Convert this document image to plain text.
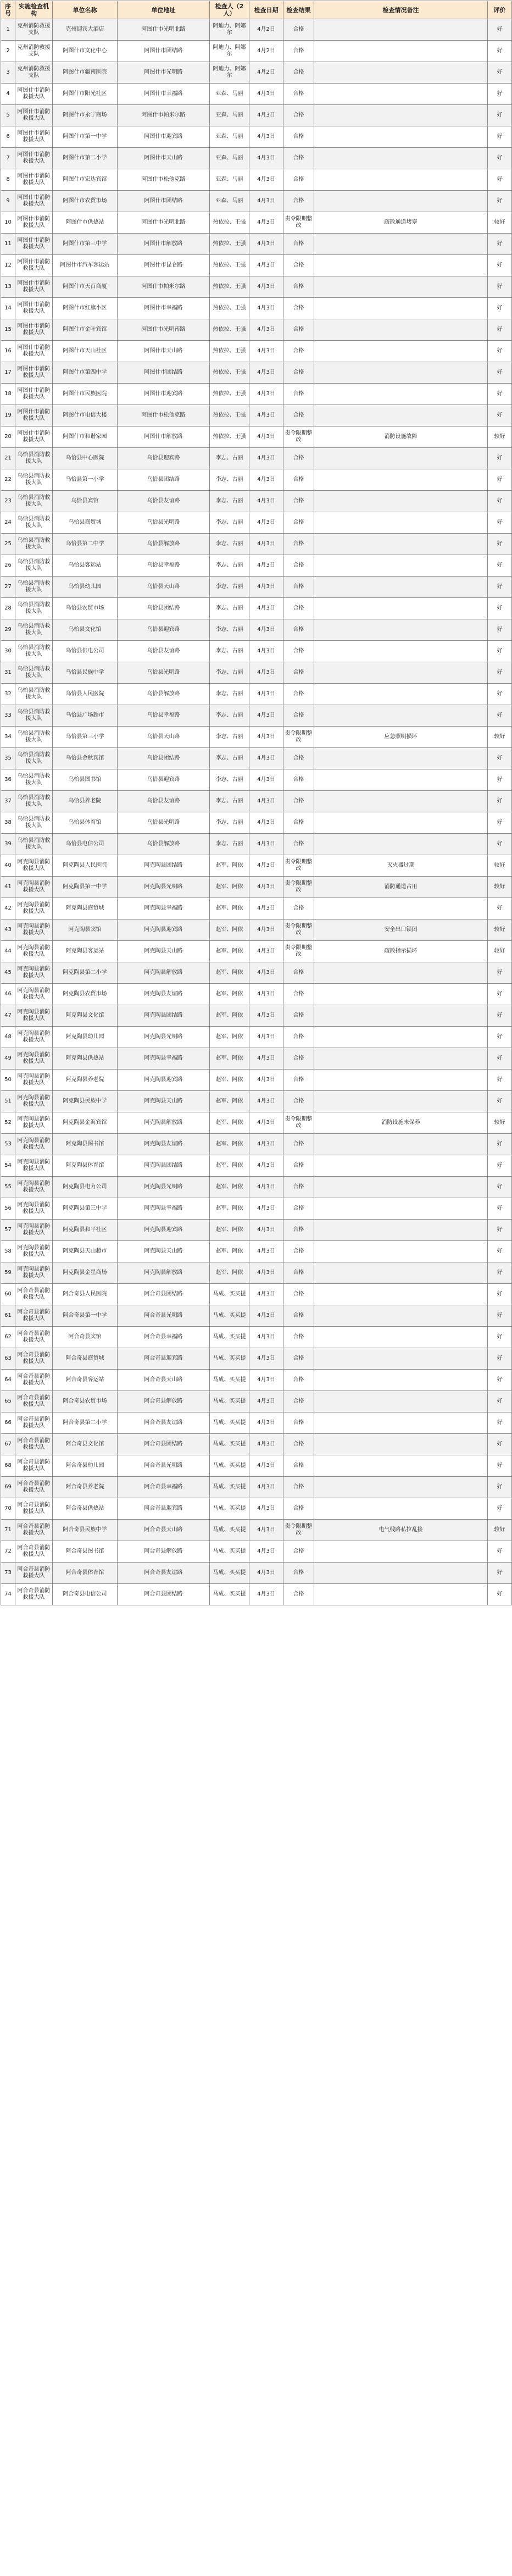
序号	实施检查机构	单位名称	单位地址	检查人（2人）	检查日期	检查结果	检查情况备注	评价
1	克州消防救援支队	克州迎宾大酒店	阿图什市光明北路	阿迪力、阿娜尔	4月2日	合格		好
2	克州消防救援支队	阿图什市文化中心	阿图什市团结路	阿迪力、阿娜尔	4月2日	合格		好
3	克州消防救援支队	阿图什市疆南医院	阿图什市光明路	阿迪力、阿娜尔	4月2日	合格		好
4	阿图什市消防救援大队	阿图什市阳光社区	阿图什市幸福路	亚森、马丽	4月3日	合格		好
5	阿图什市消防救援大队	阿图什市永宁商场	阿图什市帕米尔路	亚森、马丽	4月3日	合格		好
6	阿图什市消防救援大队	阿图什市第一中学	阿图什市迎宾路	亚森、马丽	4月3日	合格		好
7	阿图什市消防救援大队	阿图什市第二小学	阿图什市天山路	亚森、马丽	4月3日	合格		好
8	阿图什市消防救援大队	阿图什市宏达宾馆	阿图什市松他克路	亚森、马丽	4月3日	合格		好
9	阿图什市消防救援大队	阿图什市农贸市场	阿图什市团结路	亚森、马丽	4月3日	合格		好
10	阿图什市消防救援大队	阿图什市供热站	阿图什市光明北路	热依拉、王强	4月3日	责令限期整改	疏散通道堵塞	较好
11	阿图什市消防救援大队	阿图什市第三中学	阿图什市解放路	热依拉、王强	4月3日	合格		好
12	阿图什市消防救援大队	阿图什市汽车客运站	阿图什市昆仑路	热依拉、王强	4月3日	合格		好
13	阿图什市消防救援大队	阿图什市天百商厦	阿图什市帕米尔路	热依拉、王强	4月3日	合格		好
14	阿图什市消防救援大队	阿图什市红旗小区	阿图什市幸福路	热依拉、王强	4月3日	合格		好
15	阿图什市消防救援大队	阿图什市金叶宾馆	阿图什市光明南路	热依拉、王强	4月3日	合格		好
16	阿图什市消防救援大队	阿图什市天山社区	阿图什市天山路	热依拉、王强	4月3日	合格		好
17	阿图什市消防救援大队	阿图什市第四中学	阿图什市团结路	热依拉、王强	4月3日	合格		好
18	阿图什市消防救援大队	阿图什市民族医院	阿图什市迎宾路	热依拉、王强	4月3日	合格		好
19	阿图什市消防救援大队	阿图什市电信大楼	阿图什市松他克路	热依拉、王强	4月3日	合格		好
20	阿图什市消防救援大队	阿图什市和谐家园	阿图什市解放路	热依拉、王强	4月3日	责令限期整改	消防设施故障	较好
21	乌恰县消防救援大队	乌恰县中心医院	乌恰县迎宾路	李志、古丽	4月3日	合格		好
22	乌恰县消防救援大队	乌恰县第一小学	乌恰县团结路	李志、古丽	4月3日	合格		好
23	乌恰县消防救援大队	乌恰县宾馆	乌恰县友谊路	李志、古丽	4月3日	合格		好
24	乌恰县消防救援大队	乌恰县商贸城	乌恰县光明路	李志、古丽	4月3日	合格		好
25	乌恰县消防救援大队	乌恰县第二中学	乌恰县解放路	李志、古丽	4月3日	合格		好
26	乌恰县消防救援大队	乌恰县客运站	乌恰县幸福路	李志、古丽	4月3日	合格		好
27	乌恰县消防救援大队	乌恰县幼儿园	乌恰县天山路	李志、古丽	4月3日	合格		好
28	乌恰县消防救援大队	乌恰县农贸市场	乌恰县团结路	李志、古丽	4月3日	合格		好
29	乌恰县消防救援大队	乌恰县文化馆	乌恰县迎宾路	李志、古丽	4月3日	合格		好
30	乌恰县消防救援大队	乌恰县供电公司	乌恰县友谊路	李志、古丽	4月3日	合格		好
31	乌恰县消防救援大队	乌恰县民族中学	乌恰县光明路	李志、古丽	4月3日	合格		好
32	乌恰县消防救援大队	乌恰县人民医院	乌恰县解放路	李志、古丽	4月3日	合格		好
33	乌恰县消防救援大队	乌恰县广场超市	乌恰县幸福路	李志、古丽	4月3日	合格		好
34	乌恰县消防救援大队	乌恰县第三小学	乌恰县天山路	李志、古丽	4月3日	责令限期整改	应急照明损坏	较好
35	乌恰县消防救援大队	乌恰县金秋宾馆	乌恰县团结路	李志、古丽	4月3日	合格		好
36	乌恰县消防救援大队	乌恰县图书馆	乌恰县迎宾路	李志、古丽	4月3日	合格		好
37	乌恰县消防救援大队	乌恰县养老院	乌恰县友谊路	李志、古丽	4月3日	合格		好
38	乌恰县消防救援大队	乌恰县体育馆	乌恰县光明路	李志、古丽	4月3日	合格		好
39	乌恰县消防救援大队	乌恰县电信公司	乌恰县解放路	李志、古丽	4月3日	合格		好
40	阿克陶县消防救援大队	阿克陶县人民医院	阿克陶县团结路	赵军、阿依	4月3日	责令限期整改	灭火器过期	较好
41	阿克陶县消防救援大队	阿克陶县第一中学	阿克陶县光明路	赵军、阿依	4月3日	责令限期整改	消防通道占用	较好
42	阿克陶县消防救援大队	阿克陶县商贸城	阿克陶县幸福路	赵军、阿依	4月3日	合格		好
43	阿克陶县消防救援大队	阿克陶县宾馆	阿克陶县迎宾路	赵军、阿依	4月3日	责令限期整改	安全出口锁闭	较好
44	阿克陶县消防救援大队	阿克陶县客运站	阿克陶县天山路	赵军、阿依	4月3日	责令限期整改	疏散指示损坏	较好
45	阿克陶县消防救援大队	阿克陶县第二小学	阿克陶县解放路	赵军、阿依	4月3日	合格		好
46	阿克陶县消防救援大队	阿克陶县农贸市场	阿克陶县友谊路	赵军、阿依	4月3日	合格		好
47	阿克陶县消防救援大队	阿克陶县文化馆	阿克陶县团结路	赵军、阿依	4月3日	合格		好
48	阿克陶县消防救援大队	阿克陶县幼儿园	阿克陶县光明路	赵军、阿依	4月3日	合格		好
49	阿克陶县消防救援大队	阿克陶县供热站	阿克陶县幸福路	赵军、阿依	4月3日	合格		好
50	阿克陶县消防救援大队	阿克陶县养老院	阿克陶县迎宾路	赵军、阿依	4月3日	合格		好
51	阿克陶县消防救援大队	阿克陶县民族中学	阿克陶县天山路	赵军、阿依	4月3日	合格		好
52	阿克陶县消防救援大队	阿克陶县金海宾馆	阿克陶县解放路	赵军、阿依	4月3日	责令限期整改	消防设施未保养	较好
53	阿克陶县消防救援大队	阿克陶县图书馆	阿克陶县友谊路	赵军、阿依	4月3日	合格		好
54	阿克陶县消防救援大队	阿克陶县体育馆	阿克陶县团结路	赵军、阿依	4月3日	合格		好
55	阿克陶县消防救援大队	阿克陶县电力公司	阿克陶县光明路	赵军、阿依	4月3日	合格		好
56	阿克陶县消防救援大队	阿克陶县第三中学	阿克陶县幸福路	赵军、阿依	4月3日	合格		好
57	阿克陶县消防救援大队	阿克陶县和平社区	阿克陶县迎宾路	赵军、阿依	4月3日	合格		好
58	阿克陶县消防救援大队	阿克陶县天山超市	阿克陶县天山路	赵军、阿依	4月3日	合格		好
59	阿克陶县消防救援大队	阿克陶县金星商场	阿克陶县解放路	赵军、阿依	4月3日	合格		好
60	阿合奇县消防救援大队	阿合奇县人民医院	阿合奇县团结路	马成、买买提	4月3日	合格		好
61	阿合奇县消防救援大队	阿合奇县第一中学	阿合奇县光明路	马成、买买提	4月3日	合格		好
62	阿合奇县消防救援大队	阿合奇县宾馆	阿合奇县幸福路	马成、买买提	4月3日	合格		好
63	阿合奇县消防救援大队	阿合奇县商贸城	阿合奇县迎宾路	马成、买买提	4月3日	合格		好
64	阿合奇县消防救援大队	阿合奇县客运站	阿合奇县天山路	马成、买买提	4月3日	合格		好
65	阿合奇县消防救援大队	阿合奇县农贸市场	阿合奇县解放路	马成、买买提	4月3日	合格		好
66	阿合奇县消防救援大队	阿合奇县第二小学	阿合奇县友谊路	马成、买买提	4月3日	合格		好
67	阿合奇县消防救援大队	阿合奇县文化馆	阿合奇县团结路	马成、买买提	4月3日	合格		好
68	阿合奇县消防救援大队	阿合奇县幼儿园	阿合奇县光明路	马成、买买提	4月3日	合格		好
69	阿合奇县消防救援大队	阿合奇县养老院	阿合奇县幸福路	马成、买买提	4月3日	合格		好
70	阿合奇县消防救援大队	阿合奇县供热站	阿合奇县迎宾路	马成、买买提	4月3日	合格		好
71	阿合奇县消防救援大队	阿合奇县民族中学	阿合奇县天山路	马成、买买提	4月3日	责令限期整改	电气线路私拉乱接	较好
72	阿合奇县消防救援大队	阿合奇县图书馆	阿合奇县解放路	马成、买买提	4月3日	合格		好
73	阿合奇县消防救援大队	阿合奇县体育馆	阿合奇县友谊路	马成、买买提	4月3日	合格		好
74	阿合奇县消防救援大队	阿合奇县电信公司	阿合奇县团结路	马成、买买提	4月3日	合格		好
